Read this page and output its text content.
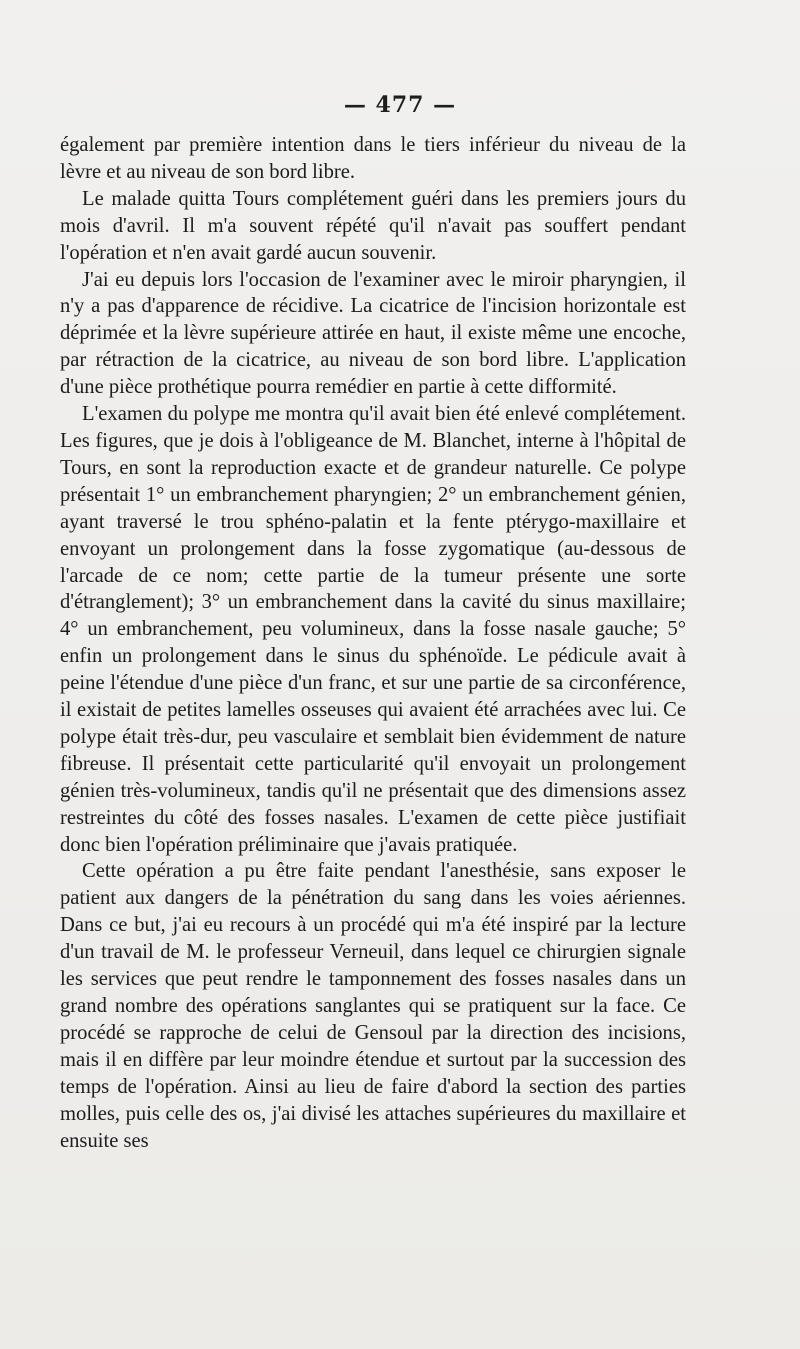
— 477 —

également par première intention dans le tiers inférieur du niveau de la lèvre et au niveau de son bord libre.

Le malade quitta Tours complétement guéri dans les premiers jours du mois d'avril. Il m'a souvent répété qu'il n'avait pas souffert pendant l'opération et n'en avait gardé aucun souvenir.

J'ai eu depuis lors l'occasion de l'examiner avec le miroir pharyngien, il n'y a pas d'apparence de récidive. La cicatrice de l'incision horizontale est déprimée et la lèvre supérieure attirée en haut, il existe même une encoche, par rétraction de la cicatrice, au niveau de son bord libre. L'application d'une pièce prothétique pourra remédier en partie à cette difformité.

L'examen du polype me montra qu'il avait bien été enlevé complétement. Les figures, que je dois à l'obligeance de M. Blanchet, interne à l'hôpital de Tours, en sont la reproduction exacte et de grandeur naturelle. Ce polype présentait 1° un embranchement pharyngien; 2° un embranchement génien, ayant traversé le trou sphéno-palatin et la fente ptérygo-maxillaire et envoyant un prolongement dans la fosse zygomatique (au-dessous de l'arcade de ce nom; cette partie de la tumeur présente une sorte d'étranglement); 3° un embranchement dans la cavité du sinus maxillaire; 4° un embranchement, peu volumineux, dans la fosse nasale gauche; 5° enfin un prolongement dans le sinus du sphénoïde. Le pédicule avait à peine l'étendue d'une pièce d'un franc, et sur une partie de sa circonférence, il existait de petites lamelles osseuses qui avaient été arrachées avec lui. Ce polype était très-dur, peu vasculaire et semblait bien évidemment de nature fibreuse. Il présentait cette particularité qu'il envoyait un prolongement génien très-volumineux, tandis qu'il ne présentait que des dimensions assez restreintes du côté des fosses nasales. L'examen de cette pièce justifiait donc bien l'opération préliminaire que j'avais pratiquée.

Cette opération a pu être faite pendant l'anesthésie, sans exposer le patient aux dangers de la pénétration du sang dans les voies aériennes. Dans ce but, j'ai eu recours à un procédé qui m'a été inspiré par la lecture d'un travail de M. le professeur Verneuil, dans lequel ce chirurgien signale les services que peut rendre le tamponnement des fosses nasales dans un grand nombre des opérations sanglantes qui se pratiquent sur la face. Ce procédé se rapproche de celui de Gensoul par la direction des incisions, mais il en diffère par leur moindre étendue et surtout par la succession des temps de l'opération. Ainsi au lieu de faire d'abord la section des parties molles, puis celle des os, j'ai divisé les attaches supérieures du maxillaire et ensuite ses
